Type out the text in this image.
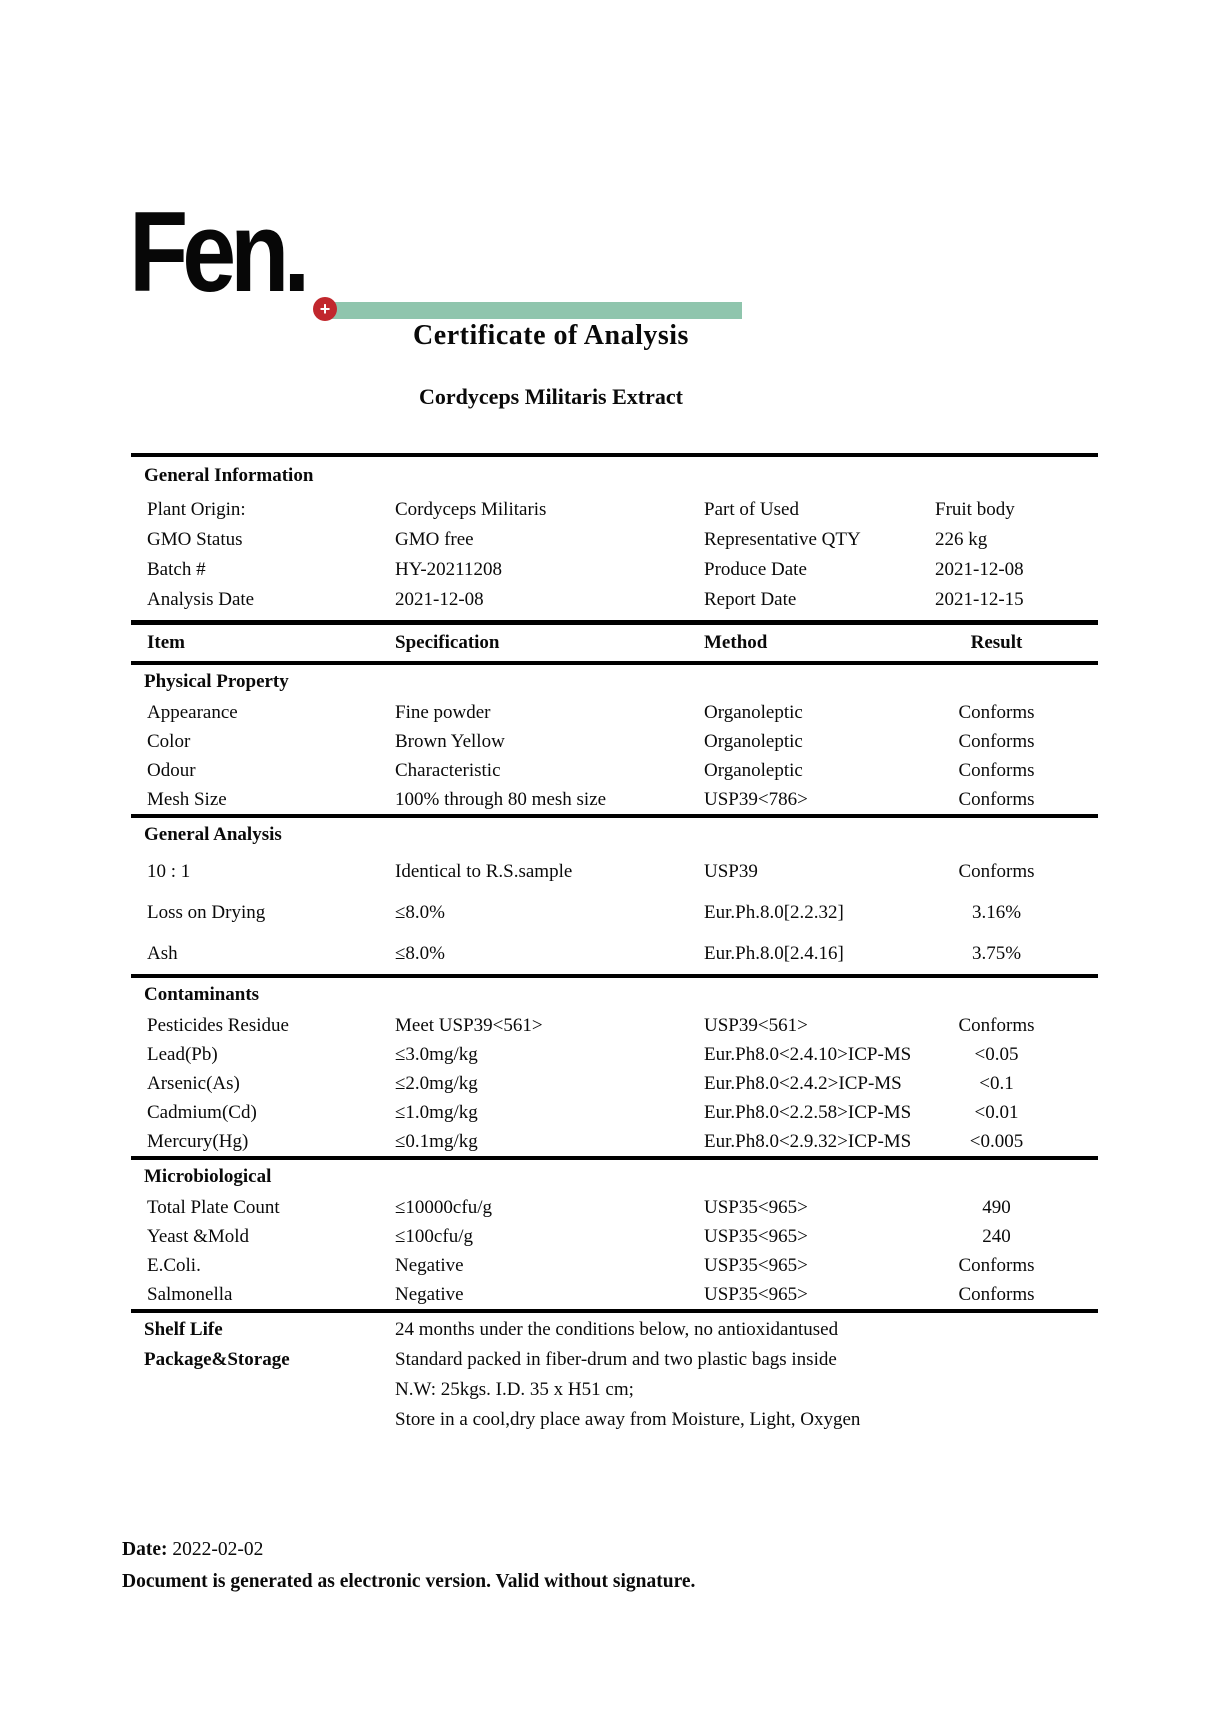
Fen. +
Certificate of Analysis
Cordyceps Militaris Extract
General Information
Plant Origin:	Cordyceps Militaris	Part of Used	Fruit body
GMO Status	GMO free	Representative QTY	226 kg
Batch #	HY-20211208	Produce Date	2021-12-08
Analysis Date	2021-12-08	Report Date	2021-12-15
Item	Specification	Method	Result
Physical Property
Appearance	Fine powder	Organoleptic	Conforms
Color	Brown Yellow	Organoleptic	Conforms
Odour	Characteristic	Organoleptic	Conforms
Mesh Size	100% through 80 mesh size	USP39<786>	Conforms
General Analysis
10 : 1	Identical to R.S.sample	USP39	Conforms
Loss on Drying	≤8.0%	Eur.Ph.8.0[2.2.32]	3.16%
Ash	≤8.0%	Eur.Ph.8.0[2.4.16]	3.75%
Contaminants
Pesticides Residue	Meet USP39<561>	USP39<561>	Conforms
Lead(Pb)	≤3.0mg/kg	Eur.Ph8.0<2.4.10>ICP-MS	<0.05
Arsenic(As)	≤2.0mg/kg	Eur.Ph8.0<2.4.2>ICP-MS	<0.1
Cadmium(Cd)	≤1.0mg/kg	Eur.Ph8.0<2.2.58>ICP-MS	<0.01
Mercury(Hg)	≤0.1mg/kg	Eur.Ph8.0<2.9.32>ICP-MS	<0.005
Microbiological
Total Plate Count	≤10000cfu/g	USP35<965>	490
Yeast &Mold	≤100cfu/g	USP35<965>	240
E.Coli.	Negative	USP35<965>	Conforms
Salmonella	Negative	USP35<965>	Conforms
Shelf Life	24 months under the conditions below, no antioxidantused
Package&Storage	Standard packed in fiber-drum and two plastic bags inside
N.W: 25kgs. I.D. 35 x H51 cm;
Store in a cool,dry place away from Moisture, Light, Oxygen
Date: 2022-02-02
Document is generated as electronic version. Valid without signature.
